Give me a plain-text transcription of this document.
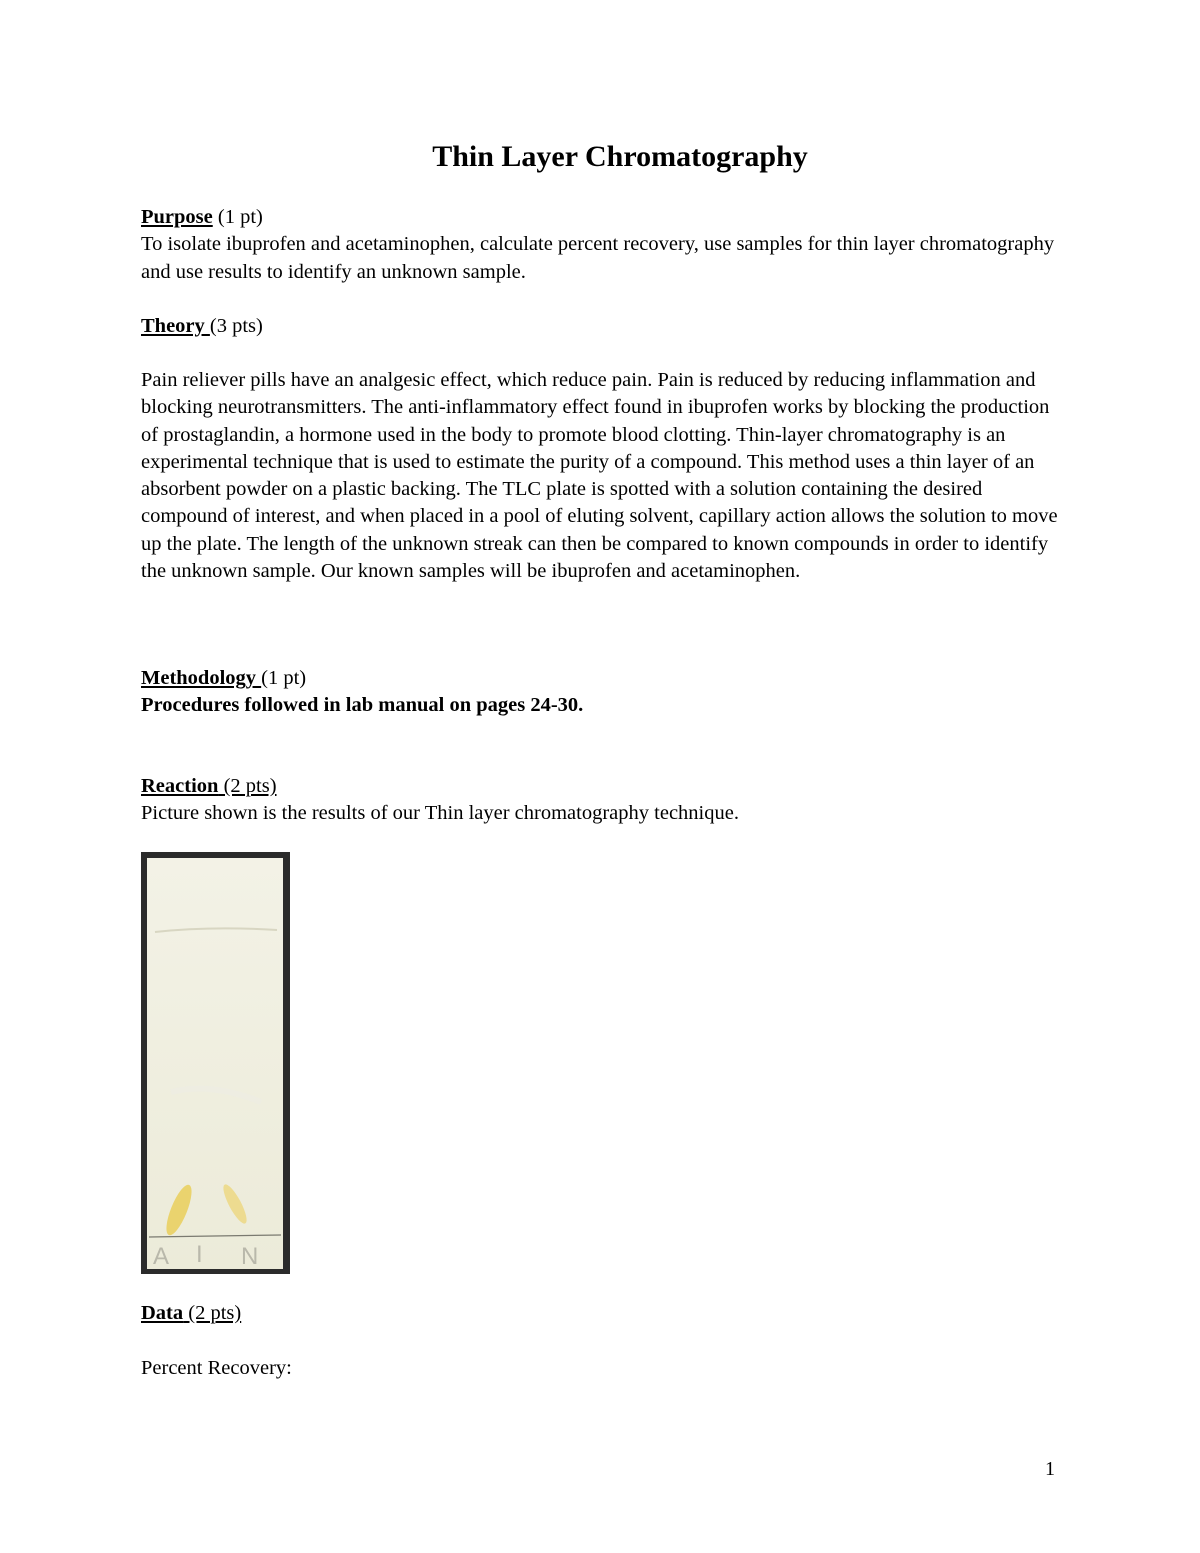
Thin Layer Chromatography

Purpose (1 pt)

To isolate ibuprofen and acetaminophen, calculate percent recovery, use samples for thin layer chromatography and use results to identify an unknown sample.

Theory (3 pts)

Pain reliever pills have an analgesic effect, which reduce pain. Pain is reduced by reducing inflammation and blocking neurotransmitters. The anti-inflammatory effect found in ibuprofen works by blocking the production of prostaglandin, a hormone used in the body to promote blood clotting. Thin-layer chromatography is an experimental technique that is used to estimate the purity of a compound. This method uses a thin layer of an absorbent powder on a plastic backing. The TLC plate is spotted with a solution containing the desired compound of interest, and when placed in a pool of eluting solvent, capillary action allows the solution to move up the plate. The length of the unknown streak can then be compared to known compounds in order to identify the unknown sample. Our known samples will be ibuprofen and acetaminophen.

Methodology (1 pt)

Procedures followed in lab manual on pages 24-30.

Reaction (2 pts)

Picture shown is the results of our Thin layer chromatography technique.

A I N

Data (2 pts)

Percent Recovery:

1
